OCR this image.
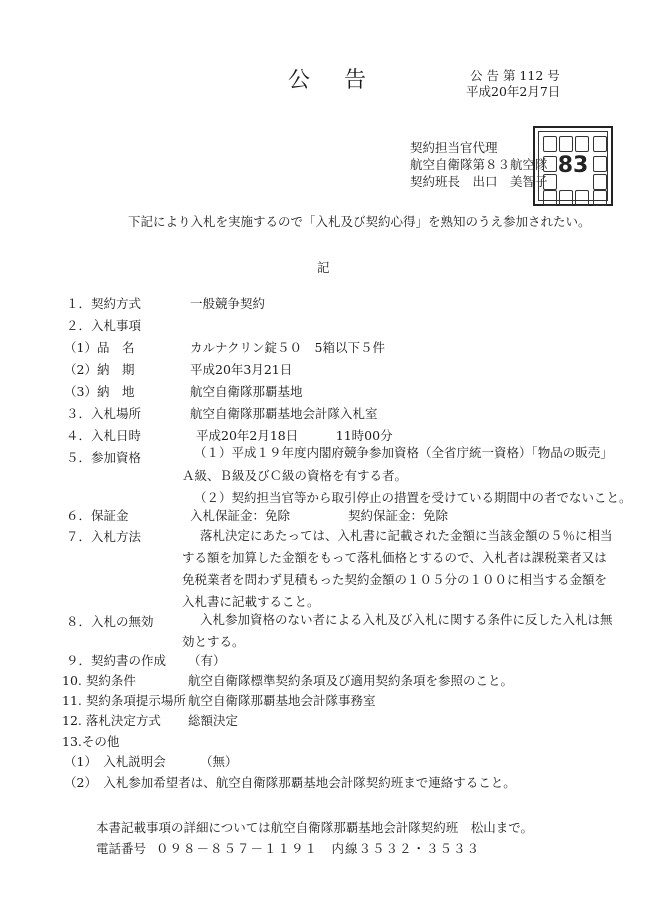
公 告	公 告 第 112 号
平成20年2月7日
契約担当官代理
航空自衛隊第８３航空隊
契約班長　出口　美智子
83
下記により入札を実施するので「入札及び契約心得」を熟知のうえ参加されたい。
記
１．契約方式	一般競争契約
２．入札事項
（1）品　名	カルナクリン錠５０　5箱以下５件
（2）納　期	平成20年3月21日
（3）納　地	航空自衛隊那覇基地
３．入札場所	航空自衛隊那覇基地会計隊入札室
４．入札日時	平成20年2月18日　　　11時00分
５．参加資格	（１）平成１９年度内閣府競争参加資格（全省庁統一資格）「物品の販売」
Ａ級、Ｂ級及びＣ級の資格を有する者。
（２）契約担当官等から取引停止の措置を受けている期間中の者でないこと。
６．保証金	入札保証金：免除	契約保証金：免除
７．入札方法	落札決定にあたっては、入札書に記載された金額に当該金額の５％に相当
する額を加算した金額をもって落札価格とするので、入札者は課税業者又は
免税業者を問わず見積もった契約金額の１０５分の１００に相当する金額を
入札書に記載すること。
８．入札の無効	入札参加資格のない者による入札及び入札に関する条件に反した入札は無
効とする。
９．契約書の作成 （有）
10. 契約条件	航空自衛隊標準契約条項及び適用契約条項を参照のこと。
11. 契約条項提示場所 航空自衛隊那覇基地会計隊事務室
12. 落札決定方式 総額決定
13.その他
（1）　入札説明会	（無）
（2）　入札参加希望者は、航空自衛隊那覇基地会計隊契約班まで連絡すること。
本書記載事項の詳細については航空自衛隊那覇基地会計隊契約班　松山まで。
電話番号 ０９８－８５７－１１９１　内線３５３２・３５３３
